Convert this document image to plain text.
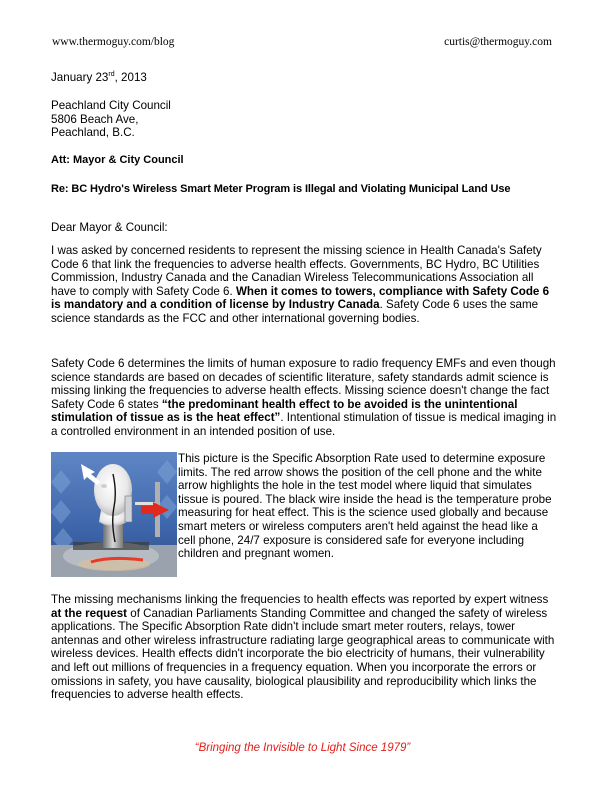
www.thermoguy.com/blog	curtis@thermoguy.com
January 23rd, 2013
Peachland City Council
5806 Beach Ave,
Peachland, B.C.
Att: Mayor & City Council
Re: BC Hydro's Wireless Smart Meter Program is Illegal and Violating Municipal Land Use
Dear Mayor & Council:
I was asked by concerned residents to represent the missing science in Health Canada's Safety Code 6 that link the frequencies to adverse health effects. Governments, BC Hydro, BC Utilities Commission, Industry Canada and the Canadian Wireless Telecommunications Association all have to comply with Safety Code 6. When it comes to towers, compliance with Safety Code 6 is mandatory and a condition of license by Industry Canada. Safety Code 6 uses the same science standards as the FCC and other international governing bodies.
Safety Code 6 determines the limits of human exposure to radio frequency EMFs and even though science standards are based on decades of scientific literature, safety standards admit science is missing linking the frequencies to adverse health effects. Missing science doesn't change the fact Safety Code 6 states “the predominant health effect to be avoided is the unintentional stimulation of tissue as is the heat effect”. Intentional stimulation of tissue is medical imaging in a controlled environment in an intended position of use.
This picture is the Specific Absorption Rate used to determine exposure limits. The red arrow shows the position of the cell phone and the white arrow highlights the hole in the test model where liquid that simulates tissue is poured. The black wire inside the head is the temperature probe measuring for heat effect. This is the science used globally and because smart meters or wireless computers aren't held against the head like a cell phone, 24/7 exposure is considered safe for everyone including children and pregnant women.
The missing mechanisms linking the frequencies to health effects was reported by expert witness at the request of Canadian Parliaments Standing Committee and changed the safety of wireless applications. The Specific Absorption Rate didn't include smart meter routers, relays, tower antennas and other wireless infrastructure radiating large geographical areas to communicate with wireless devices. Health effects didn't incorporate the bio electricity of humans, their vulnerability and left out millions of frequencies in a frequency equation. When you incorporate the errors or omissions in safety, you have causality, biological plausibility and reproducibility which links the frequencies to adverse health effects.
“Bringing the Invisible to Light Since 1979”
